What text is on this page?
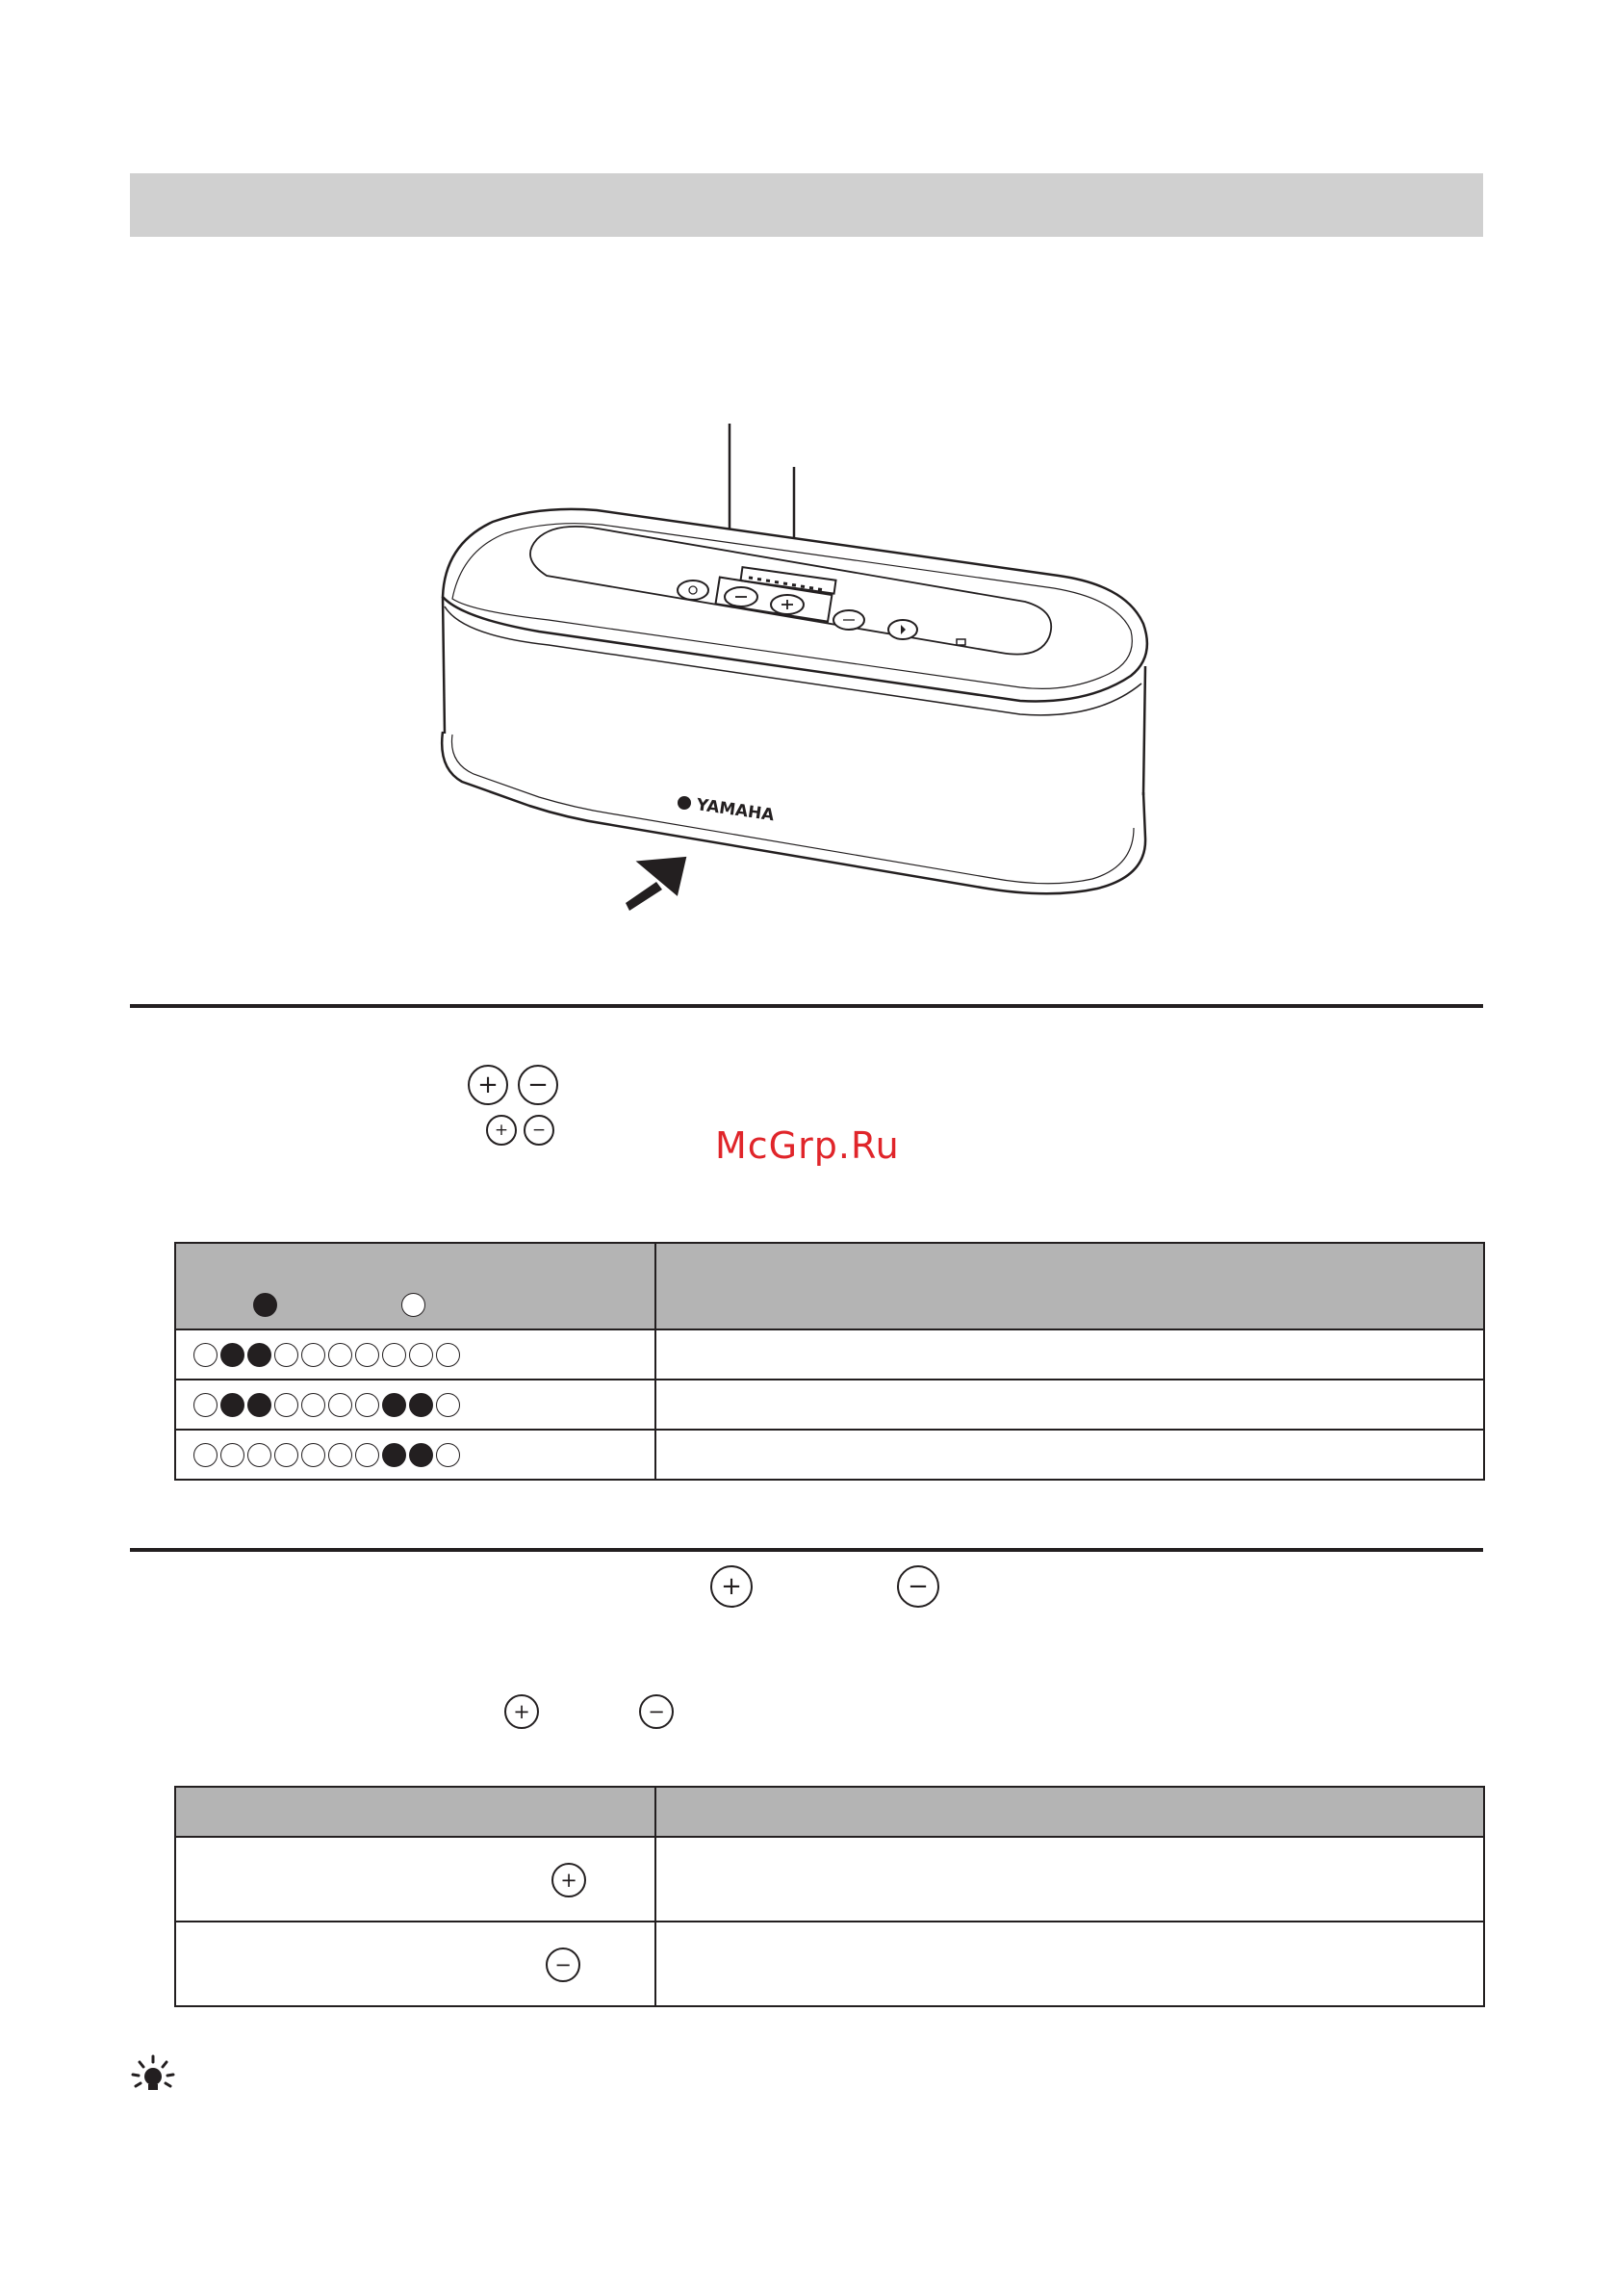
YAMAHA
+ −
+ −	McGrp.Ru

+	−
+	−

+	

−	
